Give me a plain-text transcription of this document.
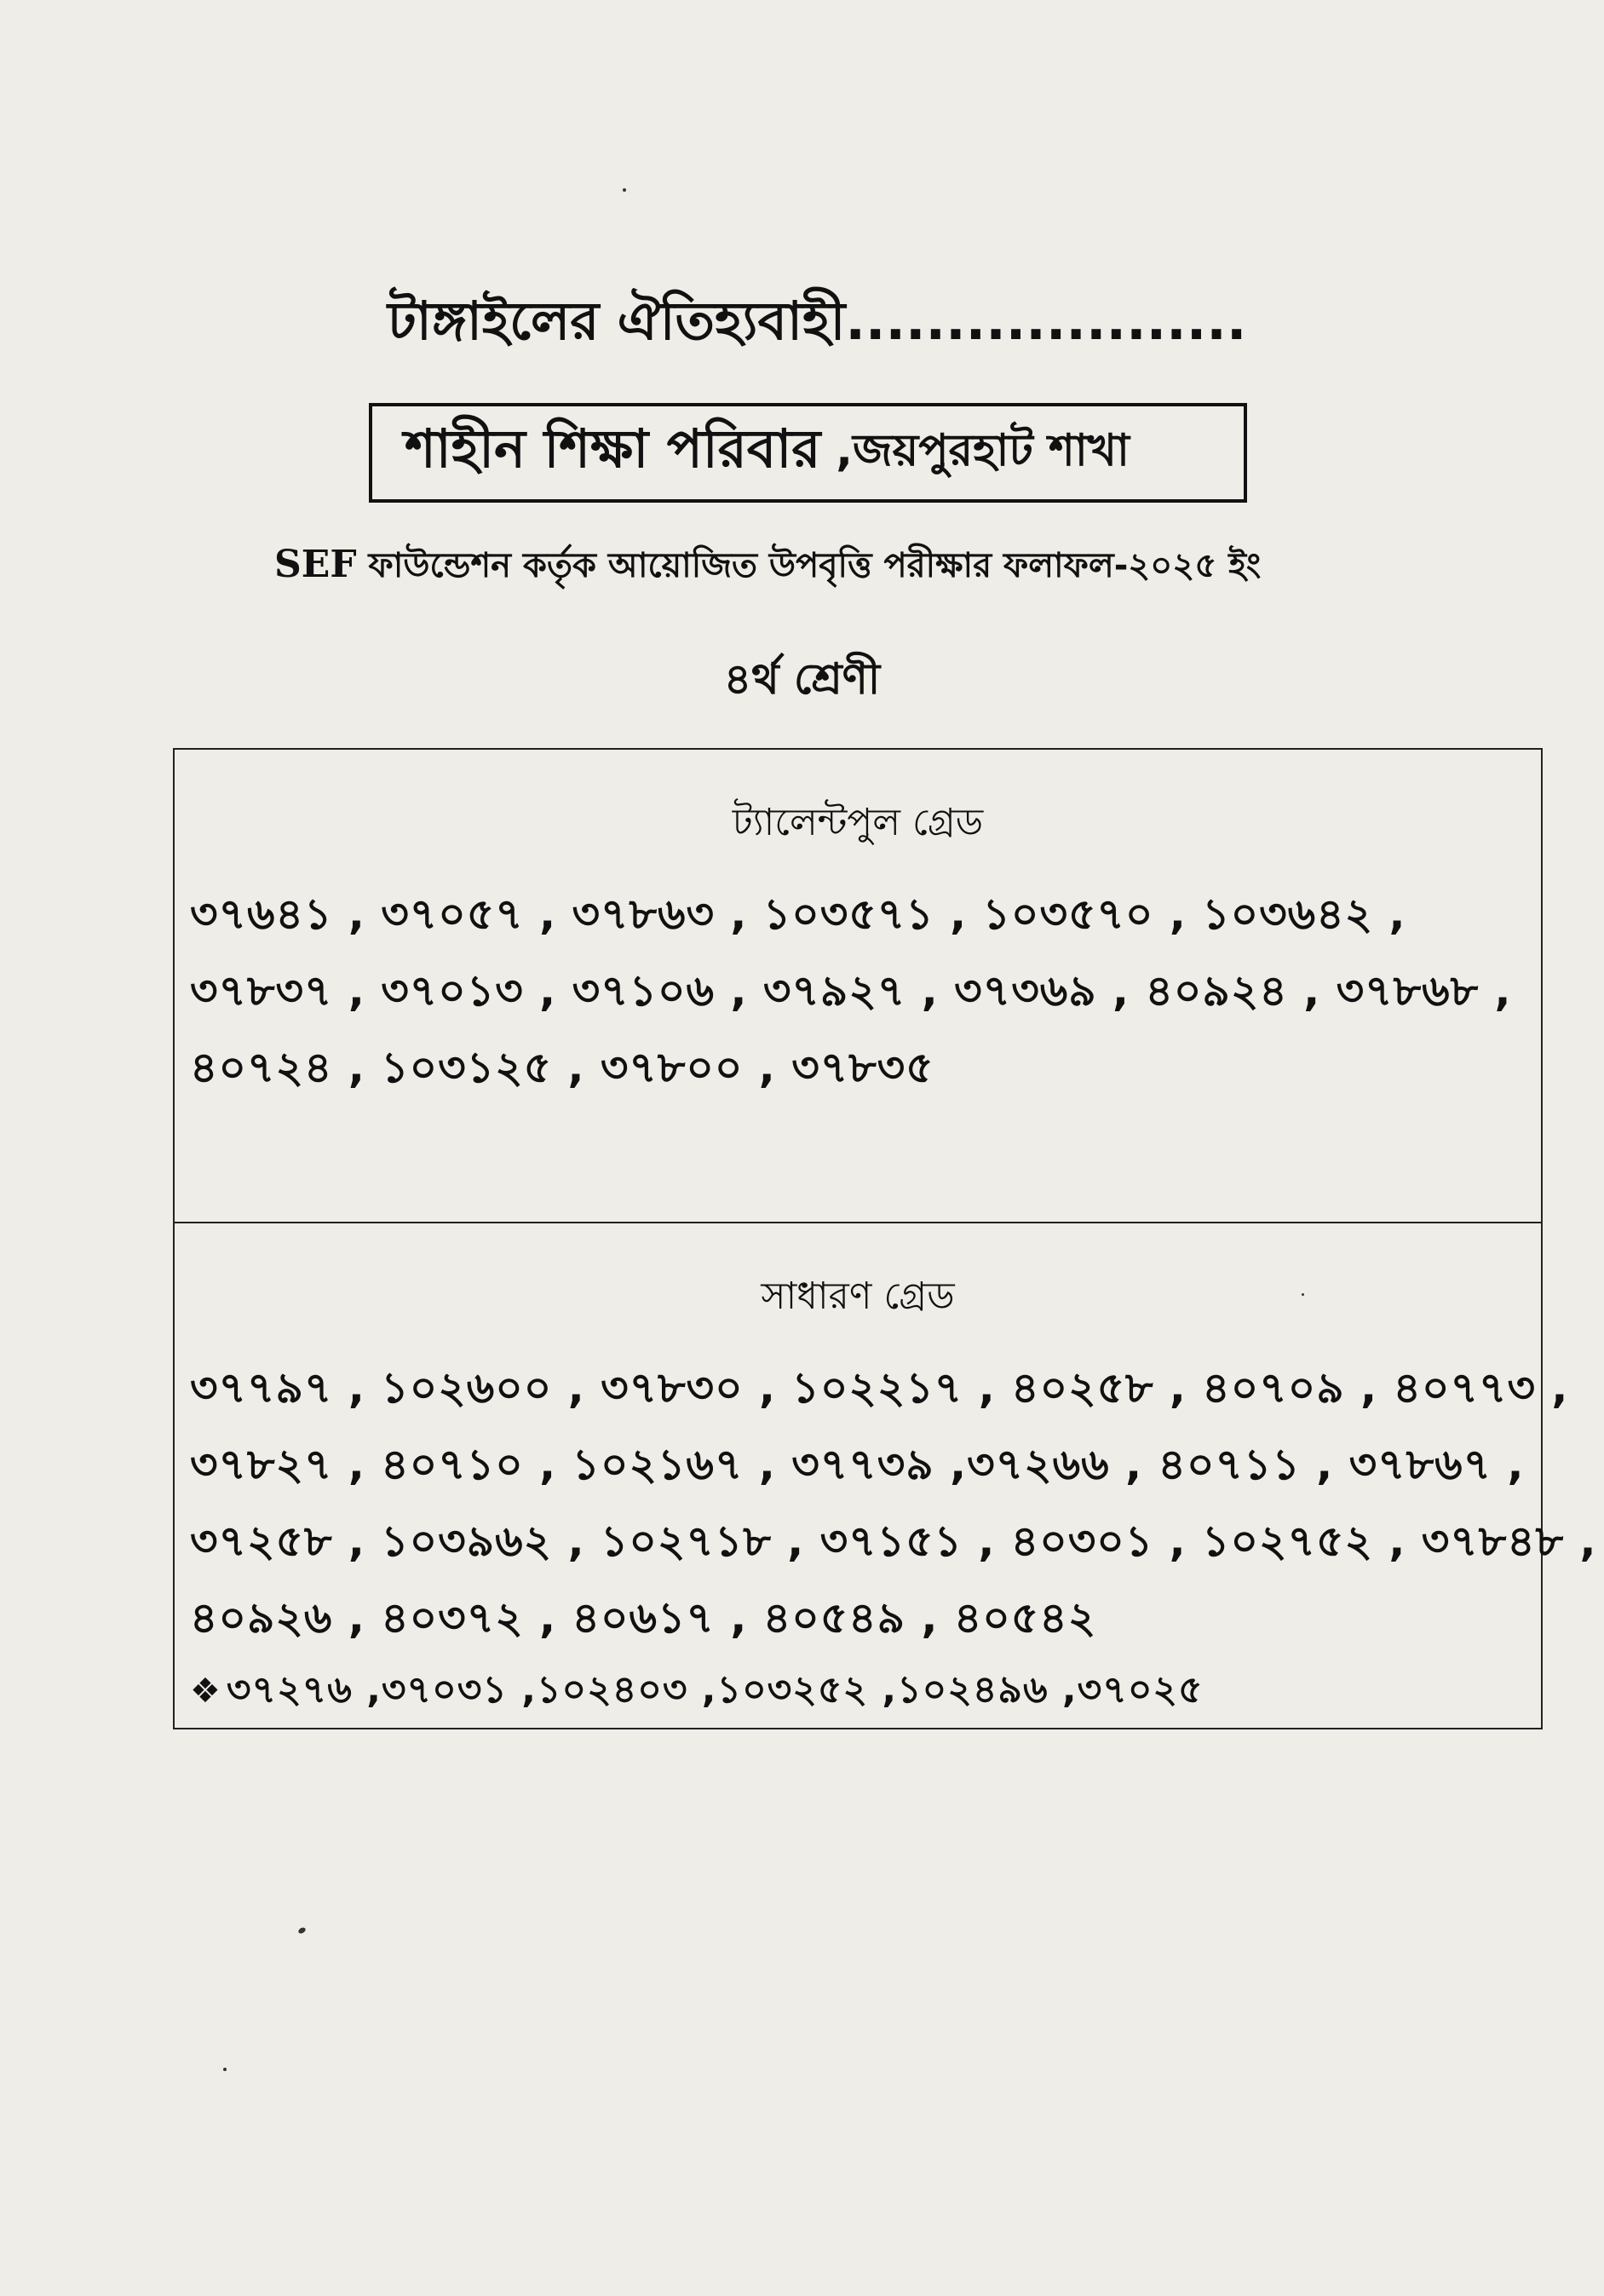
টাঙ্গাইলের ঐতিহ্যবাহী....................
শাহীন শিক্ষা পরিবার ,জয়পুরহাট শাখা
SEF ফাউন্ডেশন কর্তৃক আয়োজিত উপবৃত্তি পরীক্ষার ফলাফল-২০২৫ ইং
৪র্থ শ্রেণী
ট্যালেন্টপুল গ্রেড
৩৭৬৪১ , ৩৭০৫৭ , ৩৭৮৬৩ , ১০৩৫৭১ , ১০৩৫৭০ , ১০৩৬৪২ ,
৩৭৮৩৭ , ৩৭০১৩ , ৩৭১০৬ , ৩৭৯২৭ , ৩৭৩৬৯ , ৪০৯২৪ , ৩৭৮৬৮ ,
৪০৭২৪ , ১০৩১২৫ , ৩৭৮০০ , ৩৭৮৩৫
সাধারণ গ্রেড
৩৭৭৯৭ , ১০২৬০০ , ৩৭৮৩০ , ১০২২১৭ , ৪০২৫৮ , ৪০৭০৯ , ৪০৭৭৩ ,
৩৭৮২৭ , ৪০৭১০ , ১০২১৬৭ , ৩৭৭৩৯ ,৩৭২৬৬ , ৪০৭১১ , ৩৭৮৬৭ ,
৩৭২৫৮ , ১০৩৯৬২ , ১০২৭১৮ , ৩৭১৫১ , ৪০৩০১ , ১০২৭৫২ , ৩৭৮৪৮ ,
৪০৯২৬ , ৪০৩৭২ , ৪০৬১৭ , ৪০৫৪৯ , ৪০৫৪২
❖ ৩৭২৭৬ ,৩৭০৩১ ,১০২৪০৩ ,১০৩২৫২ ,১০২৪৯৬ ,৩৭০২৫
